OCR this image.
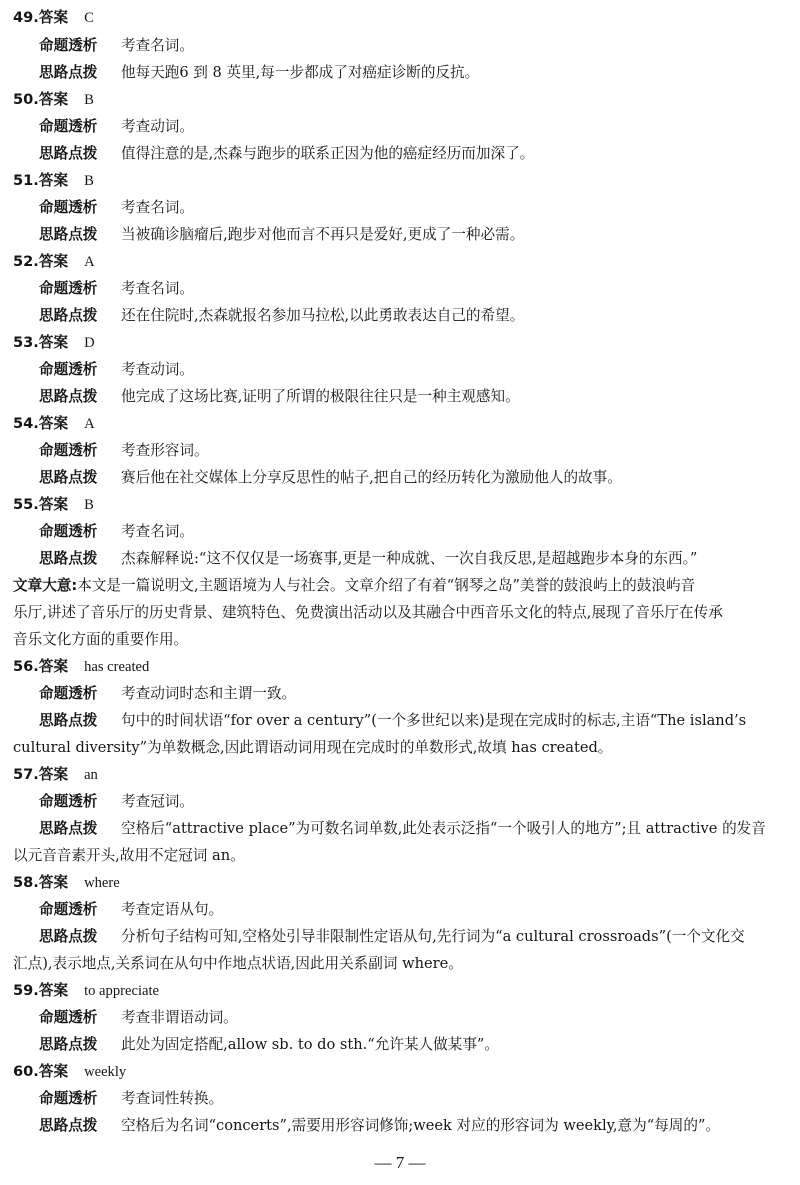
49.答案 C
命题透析 考查名词。
思路点拨 他每天跑6 到 8 英里,每一步都成了对癌症诊断的反抗。
50.答案 B
命题透析 考查动词。
思路点拨 值得注意的是,杰森与跑步的联系正因为他的癌症经历而加深了。
51.答案 B
命题透析 考查名词。
思路点拨 当被确诊脑瘤后,跑步对他而言不再只是爱好,更成了一种必需。
52.答案 A
命题透析 考查名词。
思路点拨 还在住院时,杰森就报名参加马拉松,以此勇敢表达自己的希望。
53.答案 D
命题透析 考查动词。
思路点拨 他完成了这场比赛,证明了所谓的极限往往只是一种主观感知。
54.答案 A
命题透析 考查形容词。
思路点拨 赛后他在社交媒体上分享反思性的帖子,把自己的经历转化为激励他人的故事。
55.答案 B
命题透析 考查名词。
思路点拨 杰森解释说:“这不仅仅是一场赛事,更是一种成就、一次自我反思,是超越跑步本身的东西。”
文章大意:本文是一篇说明文,主题语境为人与社会。文章介绍了有着“钢琴之岛”美誉的鼓浪屿上的鼓浪屿音
乐厅,讲述了音乐厅的历史背景、建筑特色、免费演出活动以及其融合中西音乐文化的特点,展现了音乐厅在传承
音乐文化方面的重要作用。
56.答案 has created
命题透析 考查动词时态和主谓一致。
思路点拨 句中的时间状语“for over a century”(一个多世纪以来)是现在完成时的标志,主语“The island’s
cultural diversity”为单数概念,因此谓语动词用现在完成时的单数形式,故填 has created。
57.答案 an
命题透析 考查冠词。
思路点拨 空格后“attractive place”为可数名词单数,此处表示泛指“一个吸引人的地方”;且 attractive 的发音
以元音音素开头,故用不定冠词 an。
58.答案 where
命题透析 考查定语从句。
思路点拨 分析句子结构可知,空格处引导非限制性定语从句,先行词为“a cultural crossroads”(一个文化交
汇点),表示地点,关系词在从句中作地点状语,因此用关系副词 where。
59.答案 to appreciate
命题透析 考查非谓语动词。
思路点拨 此处为固定搭配,allow sb. to do sth.“允许某人做某事”。
60.答案 weekly
命题透析 考查词性转换。
思路点拨 空格后为名词“concerts”,需要用形容词修饰;week 对应的形容词为 weekly,意为“每周的”。
— 7 —
